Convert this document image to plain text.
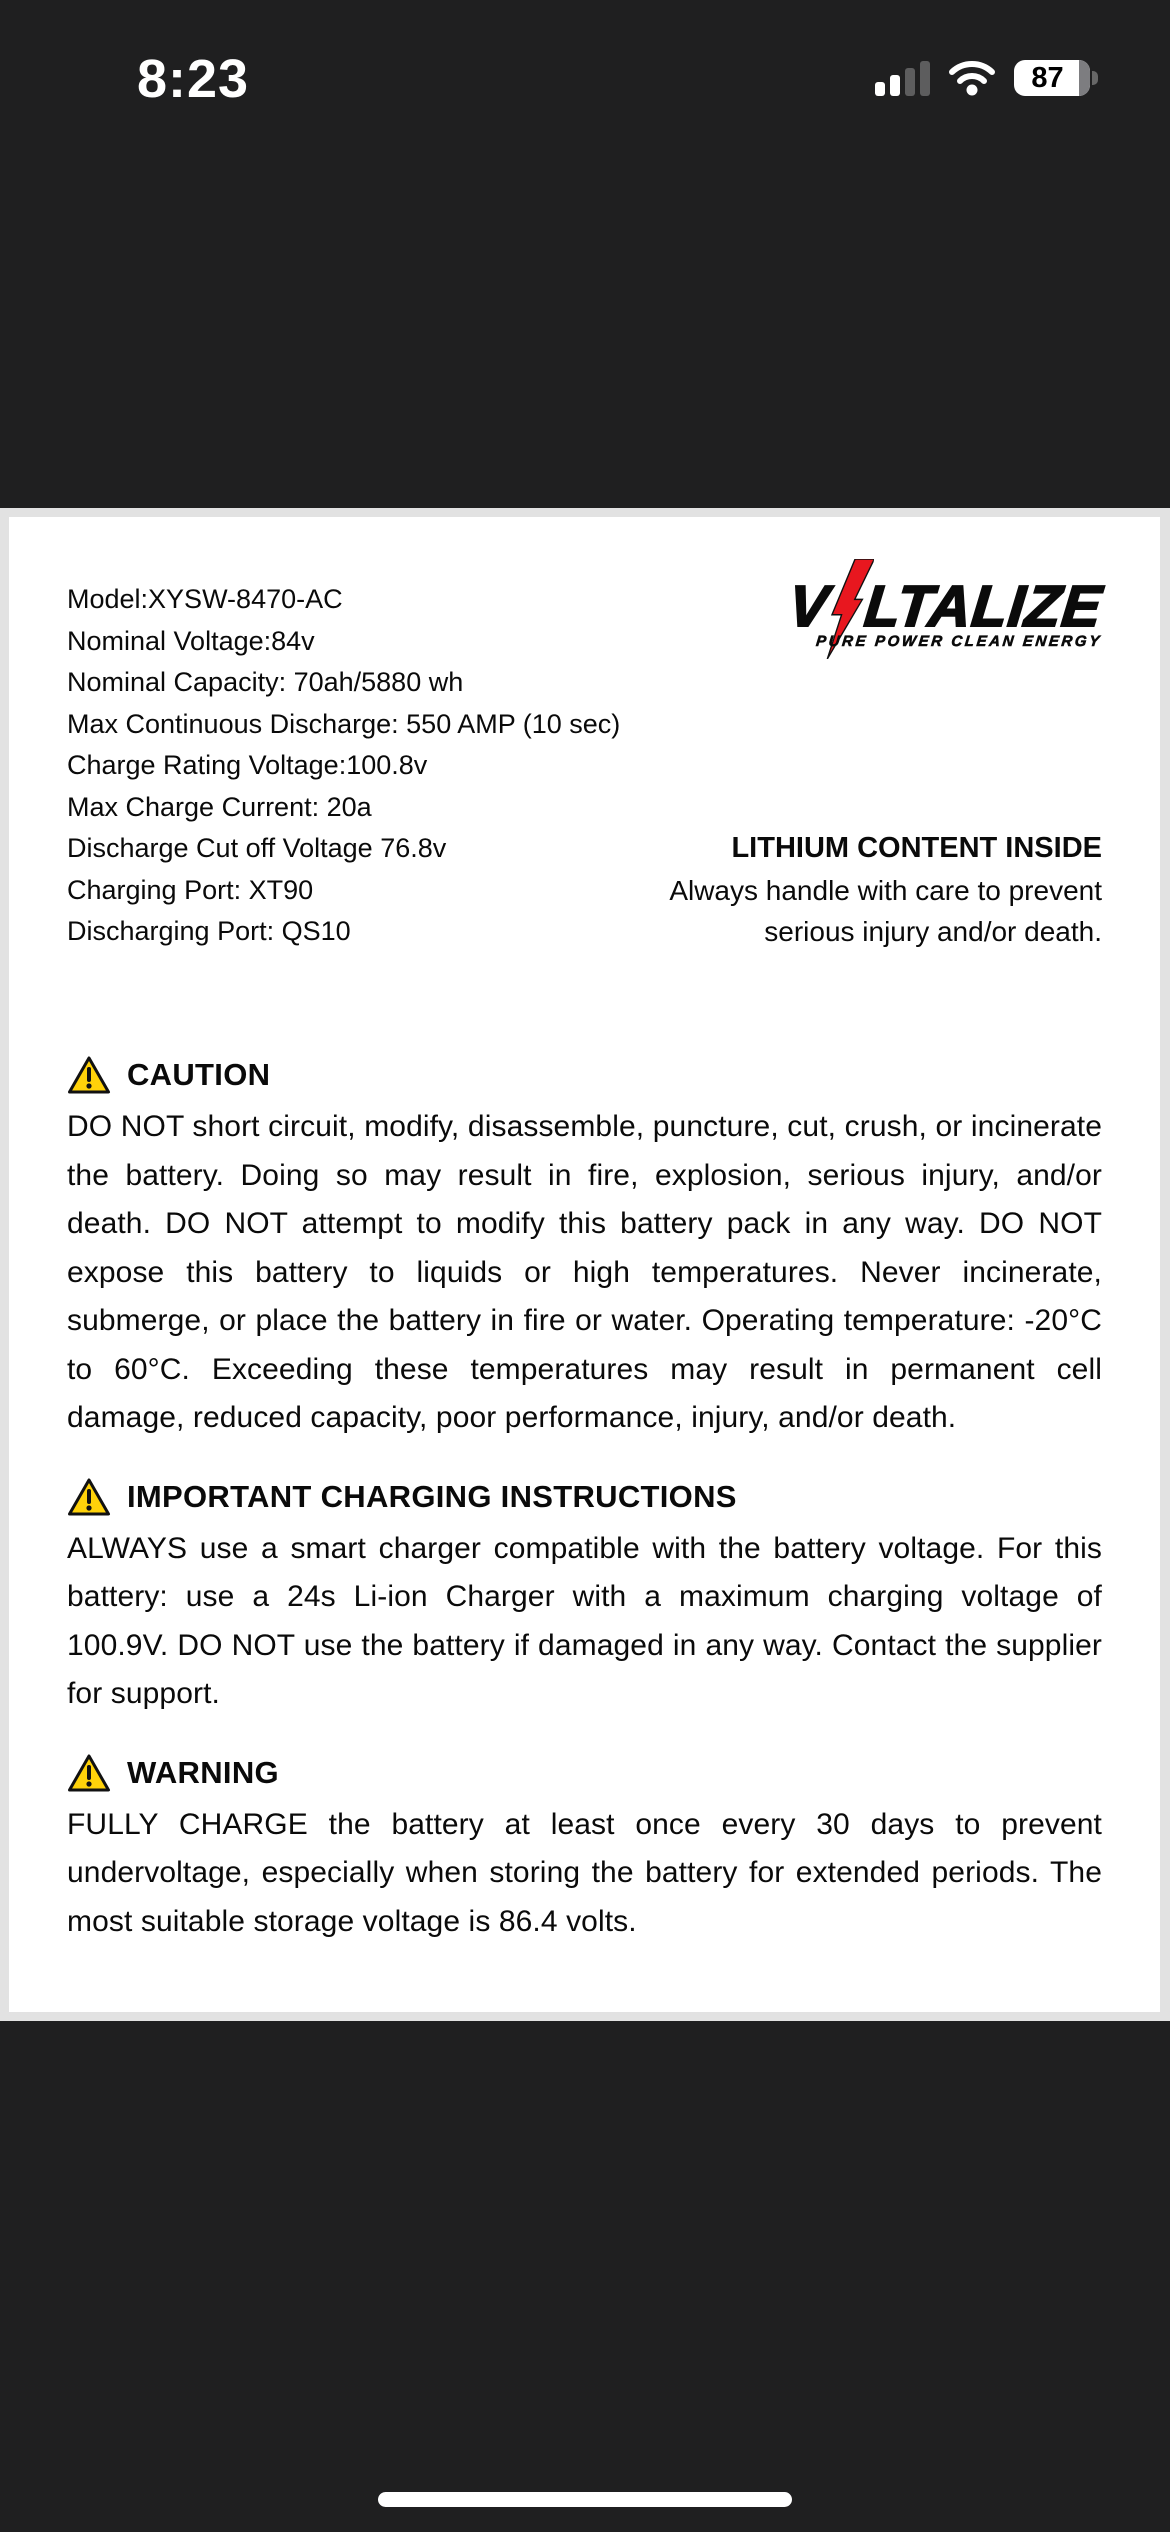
8:23	87
Model:XYSW-8470-AC
Nominal Voltage:84v
Nominal Capacity: 70ah/5880 wh
Max Continuous Discharge: 550 AMP (10 sec)
Charge Rating Voltage:100.8v
Max Charge Current: 20a
Discharge Cut off Voltage 76.8v
Charging Port: XT90
Discharging Port: QS10
V LTALIZE
PURE POWER CLEAN ENERGY
LITHIUM CONTENT INSIDE
Always handle with care to prevent
serious injury and/or death.
CAUTION
DO NOT short circuit, modify, disassemble, puncture, cut, crush, or incinerate the battery. Doing so may result in fire, explosion, serious injury, and/or death. DO NOT attempt to modify this battery pack in any way. DO NOT expose this battery to liquids or high temperatures. Never incinerate, submerge, or place the battery in fire or water. Operating temperature: -20°C to 60°C. Exceeding these temperatures may result in permanent cell damage, reduced capacity, poor performance, injury, and/or death.
IMPORTANT CHARGING INSTRUCTIONS
ALWAYS use a smart charger compatible with the battery voltage. For this battery: use a 24s Li-ion Charger with a maximum charging voltage of 100.9V. DO NOT use the battery if damaged in any way. Contact the supplier for support.
WARNING
FULLY CHARGE the battery at least once every 30 days to prevent undervoltage, especially when storing the battery for extended periods. The most suitable storage voltage is 86.4 volts.
